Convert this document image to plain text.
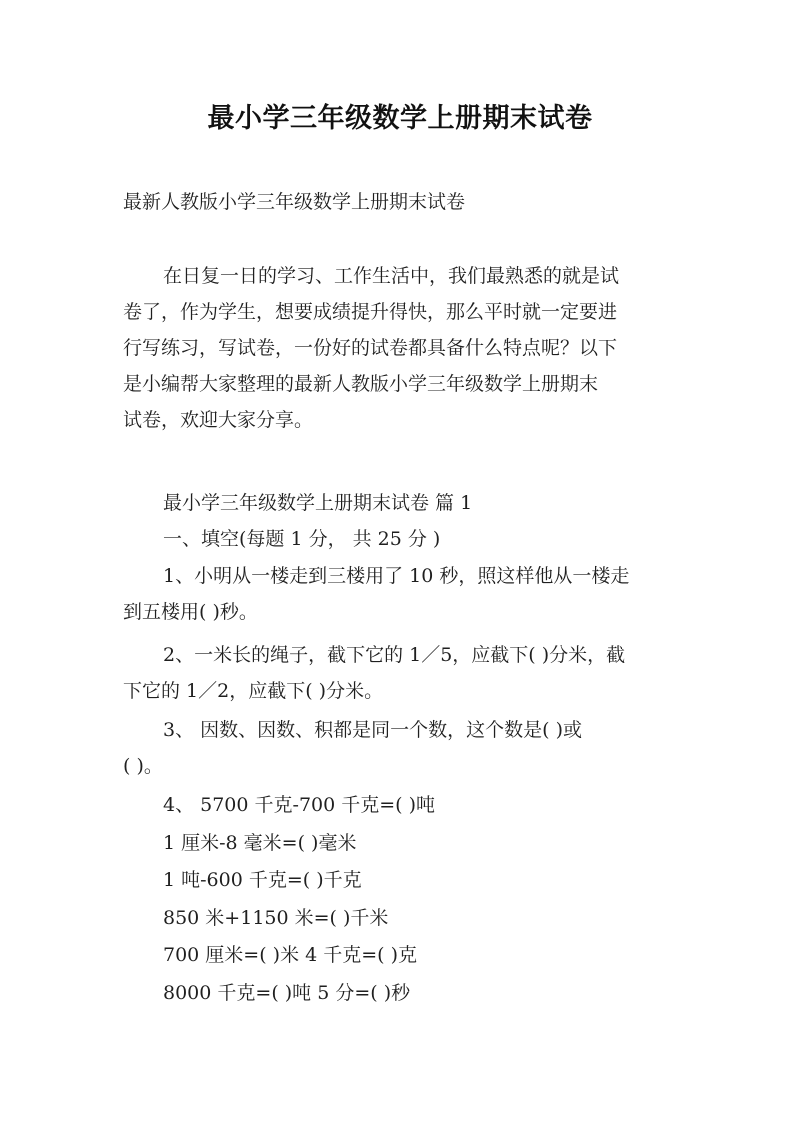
最小学三年级数学上册期末试卷
最新人教版小学三年级数学上册期末试卷
在日复一日的学习、工作生活中，我们最熟悉的就是试
卷了，作为学生，想要成绩提升得快，那么平时就一定要进
行写练习，写试卷，一份好的试卷都具备什么特点呢？以下
是小编帮大家整理的最新人教版小学三年级数学上册期末
试卷，欢迎大家分享。
最小学三年级数学上册期末试卷 篇 1
一、填空(每题 1 分， 共 25 分 )
1、小明从一楼走到三楼用了 10 秒，照这样他从一楼走
到五楼用( )秒。
2、一米长的绳子，截下它的 1／5，应截下( )分米，截
下它的 1／2，应截下( )分米。
3、 因数、因数、积都是同一个数，这个数是( )或
( )。
4、 5700 千克-700 千克=( )吨
1 厘米-8 毫米=( )毫米
1 吨-600 千克=( )千克
850 米+1150 米=( )千米
700 厘米=( )米 4 千克=( )克
8000 千克=( )吨 5 分=( )秒
